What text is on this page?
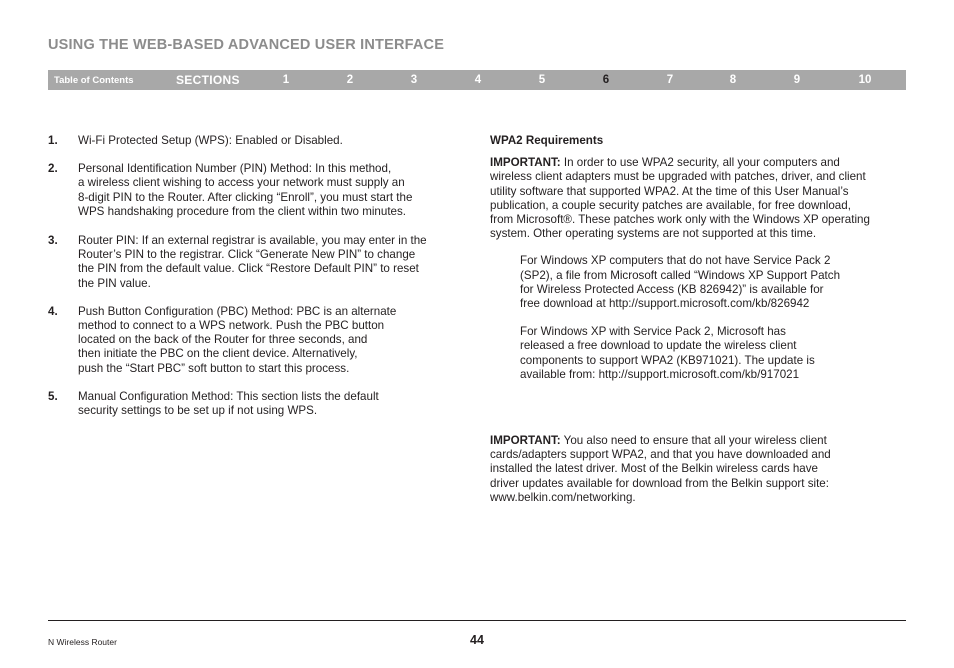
USING THE WEB-BASED ADVANCED USER INTERFACE
Table of Contents	SECTIONS	1	2	3	4	5	6	7	8	9	10
1. Wi-Fi Protected Setup (WPS): Enabled or Disabled.
2. Personal Identification Number (PIN) Method: In this method,
a wireless client wishing to access your network must supply an
8-digit PIN to the Router. After clicking “Enroll”, you must start the
WPS handshaking procedure from the client within two minutes.
3. Router PIN: If an external registrar is available, you may enter in the
Router’s PIN to the registrar. Click “Generate New PIN” to change
the PIN from the default value. Click “Restore Default PIN” to reset
the PIN value.
4. Push Button Configuration (PBC) Method: PBC is an alternate
method to connect to a WPS network. Push the PBC button
located on the back of the Router for three seconds, and
then initiate the PBC on the client device. Alternatively,
push the “Start PBC” soft button to start this process.
5. Manual Configuration Method: This section lists the default
security settings to be set up if not using WPS.
WPA2 Requirements
IMPORTANT: In order to use WPA2 security, all your computers and
wireless client adapters must be upgraded with patches, driver, and client
utility software that supported WPA2. At the time of this User Manual’s
publication, a couple security patches are available, for free download,
from Microsoft®. These patches work only with the Windows XP operating
system. Other operating systems are not supported at this time.
For Windows XP computers that do not have Service Pack 2
(SP2), a file from Microsoft called “Windows XP Support Patch
for Wireless Protected Access (KB 826942)” is available for
free download at http://support.microsoft.com/kb/826942
For Windows XP with Service Pack 2, Microsoft has
released a free download to update the wireless client
components to support WPA2 (KB971021). The update is
available from: http://support.microsoft.com/kb/917021
IMPORTANT: You also need to ensure that all your wireless client
cards/adapters support WPA2, and that you have downloaded and
installed the latest driver. Most of the Belkin wireless cards have
driver updates available for download from the Belkin support site:
www.belkin.com/networking.
N Wireless Router	44
